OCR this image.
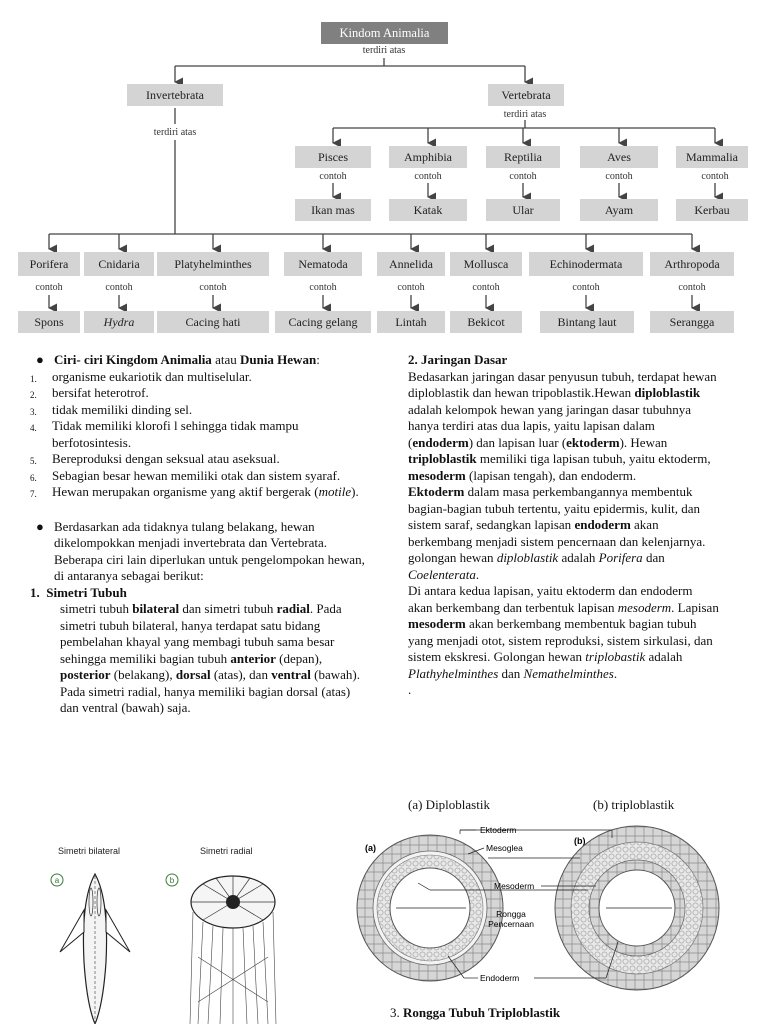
Kindom Animalia
terdiri atas
Invertebrata
terdiri atas
Vertebrata
terdiri atas
Pisces	Amphibia	Reptilia	Aves	Mammalia
contoh	contoh	contoh	contoh	contoh
Ikan mas	Katak	Ular	Ayam	Kerbau
Porifera	Cnidaria	Platyhelminthes	Nematoda	Annelida	Mollusca	Echinodermata	Arthropoda
contoh	contoh	contoh	contoh	contoh	contoh	contoh	contoh
Spons	Hydra	Cacing hati	Cacing gelang	Lintah	Bekicot	Bintang laut	Serangga
● Ciri- ciri Kingdom Animalia atau Dunia Hewan:
1. organisme eukariotik dan multiselular.
2. bersifat heterotrof.
3. tidak memiliki dinding sel.
4. Tidak memiliki klorofi l sehingga tidak mampu berfotosintesis.
5. Bereproduksi dengan seksual atau aseksual.
6. Sebagian besar hewan memiliki otak dan sistem syaraf.
7. Hewan merupakan organisme yang aktif bergerak (motile).
● Berdasarkan ada tidaknya tulang belakang, hewan dikelompokkan menjadi invertebrata dan Vertebrata. Beberapa ciri lain diperlukan untuk pengelompokan hewan, di antaranya sebagai berikut:
1. Simetri Tubuh
simetri tubuh bilateral dan simetri tubuh radial. Pada simetri tubuh bilateral, hanya terdapat satu bidang pembelahan khayal yang membagi tubuh sama besar sehingga memiliki bagian tubuh anterior (depan), posterior (belakang), dorsal (atas), dan ventral (bawah). Pada simetri radial, hanya memiliki bagian dorsal (atas) dan ventral (bawah) saja.
Simetri bilateral	Simetri radial
a	b
2. Jaringan Dasar
Bedasarkan jaringan dasar penyusun tubuh, terdapat hewan diploblastik dan hewan tripoblastik.Hewan diploblastik adalah kelompok hewan yang jaringan dasar tubuhnya hanya terdiri atas dua lapis, yaitu lapisan dalam (endoderm) dan lapisan luar (ektoderm). Hewan triploblastik memiliki tiga lapisan tubuh, yaitu ektoderm, mesoderm (lapisan tengah), dan endoderm.
Ektoderm dalam masa perkembangannya membentuk bagian-bagian tubuh tertentu, yaitu epidermis, kulit, dan sistem saraf, sedangkan lapisan endoderm akan berkembang menjadi sistem pencernaan dan kelenjarnya. golongan hewan diploblastik adalah Porifera dan Coelenterata.
Di antara kedua lapisan, yaitu ektoderm dan endoderm akan berkembang dan terbentuk lapisan mesoderm. Lapisan mesoderm akan berkembang membentuk bagian tubuh yang menjadi otot, sistem reproduksi, sistem sirkulasi, dan sistem ekskresi. Golongan hewan triplobastik adalah Plathyhelminthes dan Nemathelminthes.
.
(a) Diploblastik	(b) triploblastik
(a)
(b)
Ektoderm
Mesoglea
Mesoderm
Rongga
Pencernaan
Endoderm
3. Rongga Tubuh Triploblastik
